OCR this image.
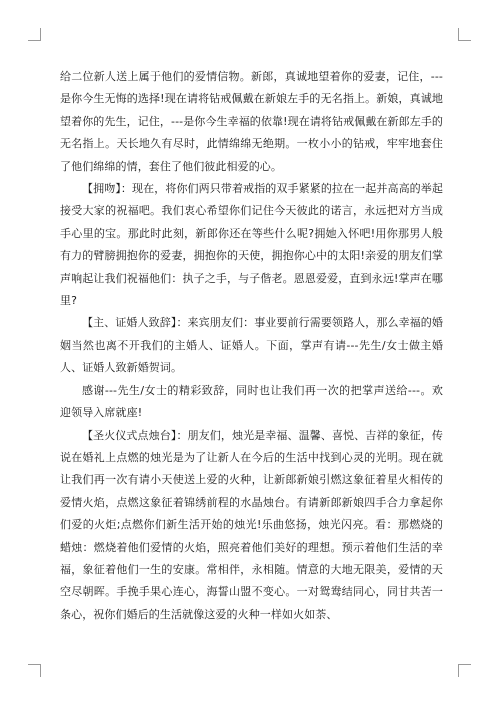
给二位新人送上属于他们的爱情信物。新郎，真诚地望着你的爱妻，记住，---是你今生无悔的选择!现在请将钻戒佩戴在新娘左手的无名指上。新娘，真诚地望着你的先生，记住，---是你今生幸福的依靠!现在请将钻戒佩戴在新郎左手的无名指上。天长地久有尽时，此情绵绵无绝期。一枚小小的钻戒，牢牢地套住了他们绵绵的情，套住了他们彼此相爱的心。

【拥吻】：现在，将你们两只带着戒指的双手紧紧的拉在一起并高高的举起接受大家的祝福吧。我们衷心希望你们记住今天彼此的诺言，永远把对方当成手心里的宝。那此时此刻，新郎你还在等些什么呢?拥她入怀吧!用你那男人般有力的臂膀拥抱你的爱妻，拥抱你的天使，拥抱你心中的太阳!亲爱的朋友们掌声响起让我们祝福他们：执子之手，与子偕老。恩恩爱爱，直到永远!掌声在哪里?

【主、证婚人致辞】：来宾朋友们：事业要前行需要领路人，那么幸福的婚姻当然也离不开我们的主婚人、证婚人。下面，掌声有请---先生/女士做主婚人、证婚人致新婚贺词。

感谢---先生/女士的精彩致辞，同时也让我们再一次的把掌声送给---。欢迎领导入席就座!

【圣火仪式点烛台】：朋友们，烛光是幸福、温馨、喜悦、吉祥的象征，传说在婚礼上点燃的烛光是为了让新人在今后的生活中找到心灵的光明。现在就让我们再一次有请小天使送上爱的火种，让新郎新娘引燃这象征着星火相传的爱情火焰，点燃这象征着锦绣前程的水晶烛台。有请新郎新娘四手合力拿起你们爱的火炬;点燃你们新生活开始的烛光!乐曲悠扬，烛光闪亮。看：那燃烧的蜡烛：燃烧着他们爱情的火焰，照亮着他们美好的理想。预示着他们生活的幸福，象征着他们一生的安康。常相伴，永相随。情意的大地无限美，爱情的天空尽朝晖。手挽手果心连心，海誓山盟不变心。一对鸳鸯结同心，同甘共苦一条心，祝你们婚后的生活就像这爱的火种一样如火如荼、
